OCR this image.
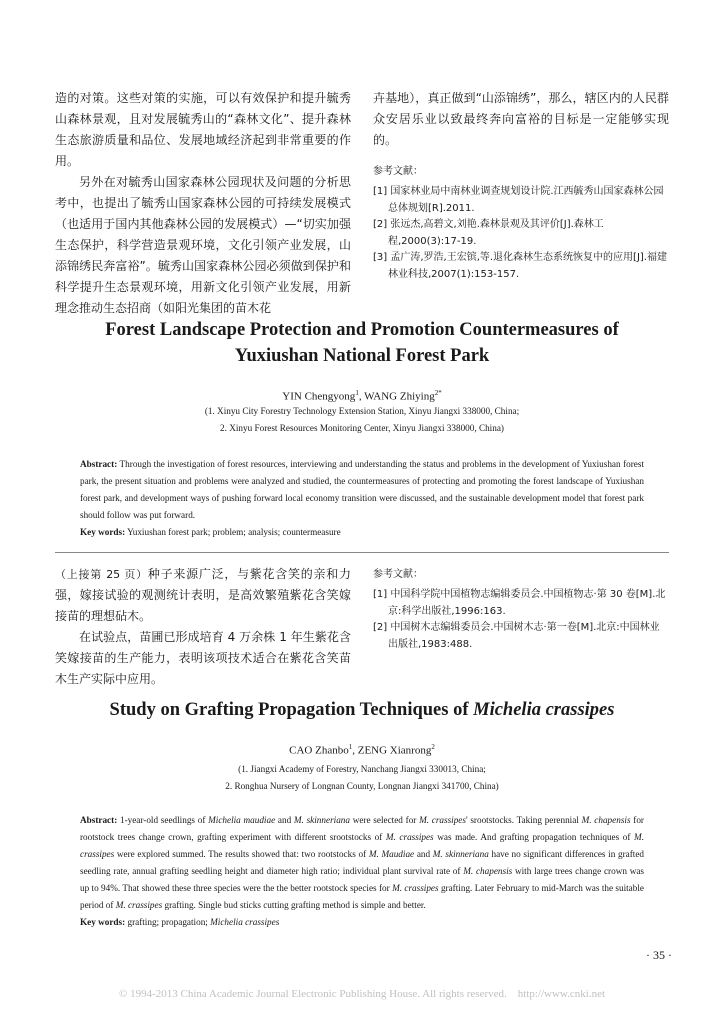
造的对策。这些对策的实施，可以有效保护和提升毓秀山森林景观，且对发展毓秀山的“森林文化”、提升森林生态旅游质量和品位、发展地域经济起到非常重要的作用。

另外在对毓秀山国家森林公园现状及问题的分析思考中，也提出了毓秀山国家森林公园的可持续发展模式（也适用于国内其他森林公园的发展模式）—“切实加强生态保护，科学营造景观环境，文化引领产业发展，山添锦绣民奔富裕”。毓秀山国家森林公园必须做到保护和科学提升生态景观环境，用新文化引领产业发展，用新理念推动生态招商（如阳光集团的苗木花

卉基地），真正做到“山添锦绣”，那么，辖区内的人民群众安居乐业以致最终奔向富裕的目标是一定能够实现的。

参考文献：

[1] 国家林业局中南林业调查规划设计院.江西毓秀山国家森林公园总体规划[R].2011.

[2] 张远杰,高碧文,刘艳.森林景观及其评价[J].森林工程,2000(3):17-19.

[3] 孟广涛,罗浩,王宏镔,等.退化森林生态系统恢复中的应用[J].福建林业科技,2007(1):153-157.

Forest Landscape Protection and Promotion Countermeasures of
Yuxiushan National Forest Park
YIN Chengyong$^1$, WANG Zhiying$^{2*}$
(1. Xinyu City Forestry Technology Extension Station, Xinyu Jiangxi 338000, China;
2. Xinyu Forest Resources Monitoring Center, Xinyu Jiangxi 338000, China)

Abstract: Through the investigation of forest resources, interviewing and understanding the status and problems in the development of Yuxiushan forest park, the present situation and problems were analyzed and studied, the countermeasures of protecting and promoting the forest landscape of Yuxiushan forest park, and development ways of pushing forward local economy transition were discussed, and the sustainable development model that forest park should follow was put forward.

Key words: Yuxiushan forest park; problem; analysis; countermeasure

（上接第 25 页）种子来源广泛，与紫花含笑的亲和力强，嫁接试验的观测统计表明，是高效繁殖紫花含笑嫁接苗的理想砧木。

在试验点，苗圃已形成培育 4 万余株 1 年生紫花含笑嫁接苗的生产能力，表明该项技术适合在紫花含笑苗木生产实际中应用。

参考文献：

[1] 中国科学院中国植物志编辑委员会.中国植物志·第 30 卷[M].北京:科学出版社,1996:163.

[2] 中国树木志编辑委员会.中国树木志·第一卷[M].北京:中国林业出版社,1983:488.

Study on Grafting Propagation Techniques of Michelia crassipes
CAO Zhanbo$^1$, ZENG Xianrong$^2$
(1. Jiangxi Academy of Forestry, Nanchang Jiangxi 330013, China;
2. Ronghua Nursery of Longnan County, Longnan Jiangxi 341700, China)

Abstract: 1-year-old seedlings of Michelia maudiae and M. skinneriana were selected for M. crassipes' srootstocks. Taking perennial M. chapensis for rootstock trees change crown, grafting experiment with different srootstocks of M. crassipes was made. And grafting propagation techniques of M. crassipes were explored summed. The results showed that: two rootstocks of M. Maudiae and M. skinneriana have no significant differences in grafted seedling rate, annual grafting seedling height and diameter high ratio; individual plant survival rate of M. chapensis with large trees change crown was up to 94%. That showed these three species were the the better rootstock species for M. crassipes grafting. Later February to mid-March was the suitable period of M. crassipes grafting. Single bud sticks cutting grafting method is simple and better.

Key words: grafting; propagation; Michelia crassipes

· 35 ·
© 1994-2013 China Academic Journal Electronic Publishing House. All rights reserved.    http://www.cnki.net
